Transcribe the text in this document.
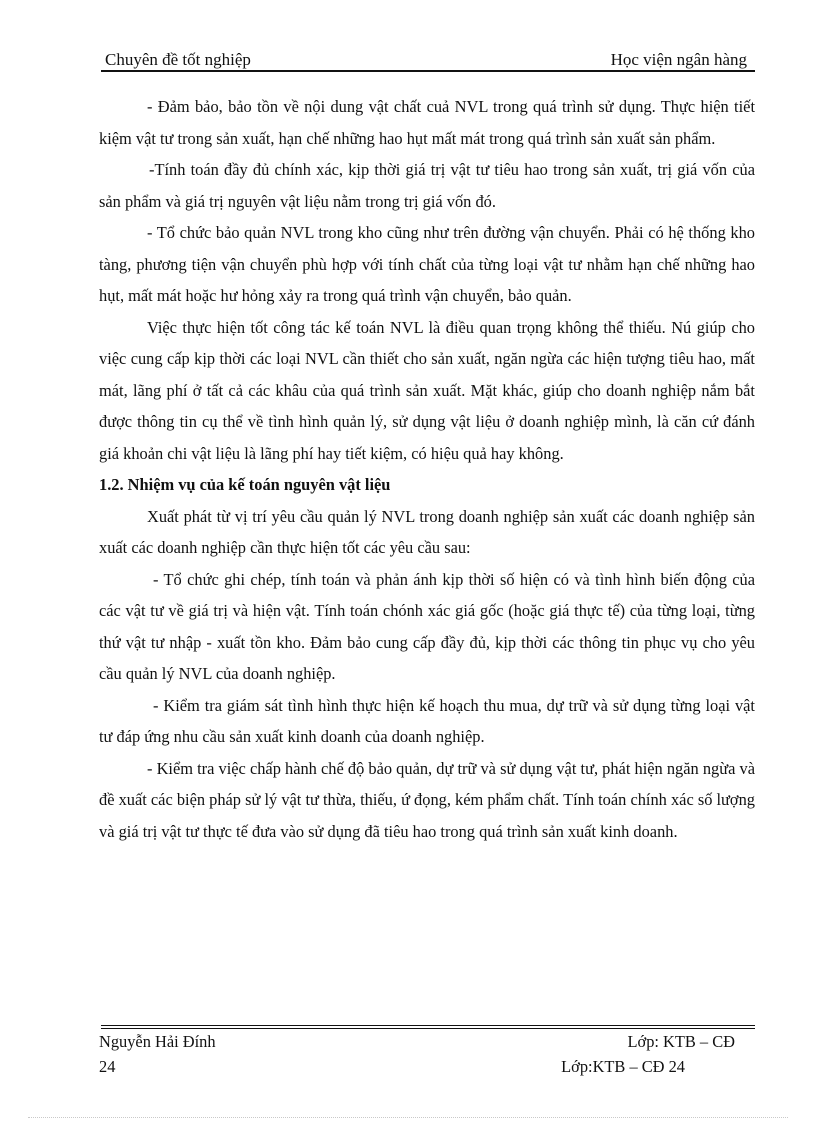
Chuyên đề tốt nghiệp	Học viện ngân hàng

- Đảm bảo, bảo tồn về nội dung vật chất cuả NVL trong quá trình sử dụng. Thực hiện tiết kiệm vật tư trong sản xuất, hạn chế những hao hụt mất mát trong quá trình sản xuất sản phẩm.

-Tính toán đầy đủ chính xác, kịp thời giá trị vật tư tiêu hao trong sản xuất, trị giá vốn của sản phẩm và giá trị nguyên vật liệu nằm trong trị giá vốn đó.

- Tổ chức bảo quản NVL trong kho cũng như trên đường vận chuyển. Phải có hệ thống kho tàng, phương tiện vận chuyển phù hợp với tính chất của từng loại vật tư nhằm hạn chế những hao hụt, mất mát hoặc hư hỏng xảy ra trong quá trình vận chuyển, bảo quản.

Việc thực hiện tốt công tác kế toán NVL là điều quan trọng không thể thiếu. Nú giúp cho việc cung cấp kịp thời các loại NVL cần thiết cho sản xuất, ngăn ngừa các hiện tượng tiêu hao, mất mát, lãng phí ở tất cả các khâu của quá trình sản xuất. Mặt khác, giúp cho doanh nghiệp nắm bắt được thông tin cụ thể về tình hình quản lý, sử dụng vật liệu ở doanh nghiệp mình, là căn cứ đánh giá khoản chi vật liệu là lãng phí hay tiết kiệm, có hiệu quả hay không.

1.2. Nhiệm vụ của kế toán nguyên vật liệu

Xuất phát từ vị trí yêu cầu quản lý NVL trong doanh nghiệp sản xuất các doanh nghiệp sản xuất các doanh nghiệp cần thực hiện tốt các yêu cầu sau:

- Tổ chức ghi chép, tính toán và phản ánh kịp thời số hiện có và tình hình biến động của các vật tư về giá trị và hiện vật. Tính toán chónh xác giá gốc (hoặc giá thực tế) của từng loại, từng thứ vật tư nhập - xuất tồn kho. Đảm bảo cung cấp đầy đủ, kịp thời các thông tin phục vụ cho yêu cầu quản lý NVL của doanh nghiệp.

- Kiểm tra giám sát tình hình thực hiện kế hoạch thu mua, dự trữ và sử dụng từng loại vật tư đáp ứng nhu cầu sản xuất kinh doanh của doanh nghiệp.

- Kiểm tra việc chấp hành chế độ bảo quản, dự trữ và sử dụng vật tư, phát hiện ngăn ngừa và đề xuất các biện pháp sử lý vật tư thừa, thiếu, ứ đọng, kém phẩm chất. Tính toán chính xác số lượng và giá trị vật tư thực tế đưa vào sử dụng đã tiêu hao trong quá trình sản xuất kinh doanh.

Nguyễn Hải Đính	Lớp: KTB – CĐ
24	Lớp:KTB – CĐ 24
